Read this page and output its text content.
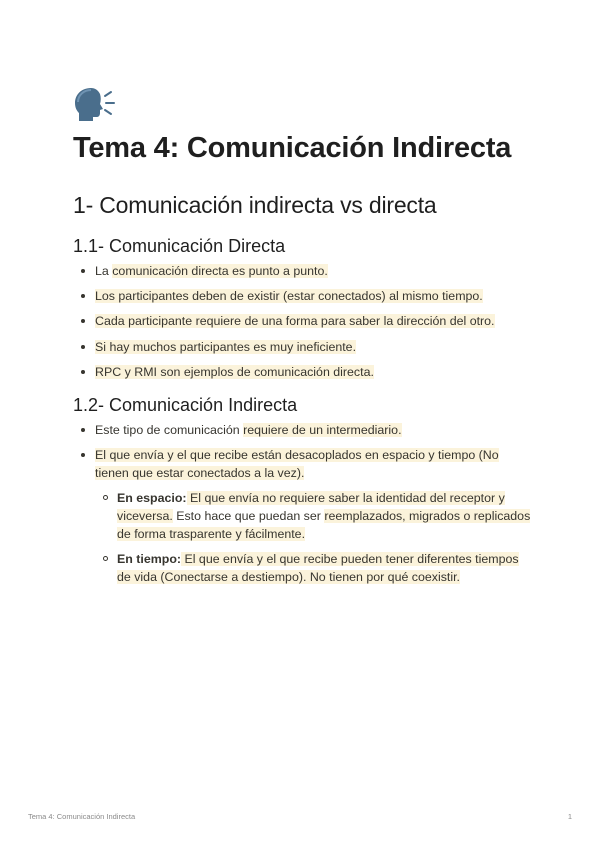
Tema 4: Comunicación Indirecta
1- Comunicación indirecta vs directa
1.1- Comunicación Directa
La comunicación directa es punto a punto.
Los participantes deben de existir (estar conectados) al mismo tiempo.
Cada participante requiere de una forma para saber la dirección del otro.
Si hay muchos participantes es muy ineficiente.
RPC y RMI son ejemplos de comunicación directa.
1.2- Comunicación Indirecta
Este tipo de comunicación requiere de un intermediario.
El que envía y el que recibe están desacoplados en espacio y tiempo (No tienen que estar conectados a la vez).
En espacio: El que envía no requiere saber la identidad del receptor y viceversa. Esto hace que puedan ser reemplazados, migrados o replicados de forma trasparente y fácilmente.
En tiempo: El que envía y el que recibe pueden tener diferentes tiempos de vida (Conectarse a destiempo). No tienen por qué coexistir.
Tema 4: Comunicación Indirecta	1
